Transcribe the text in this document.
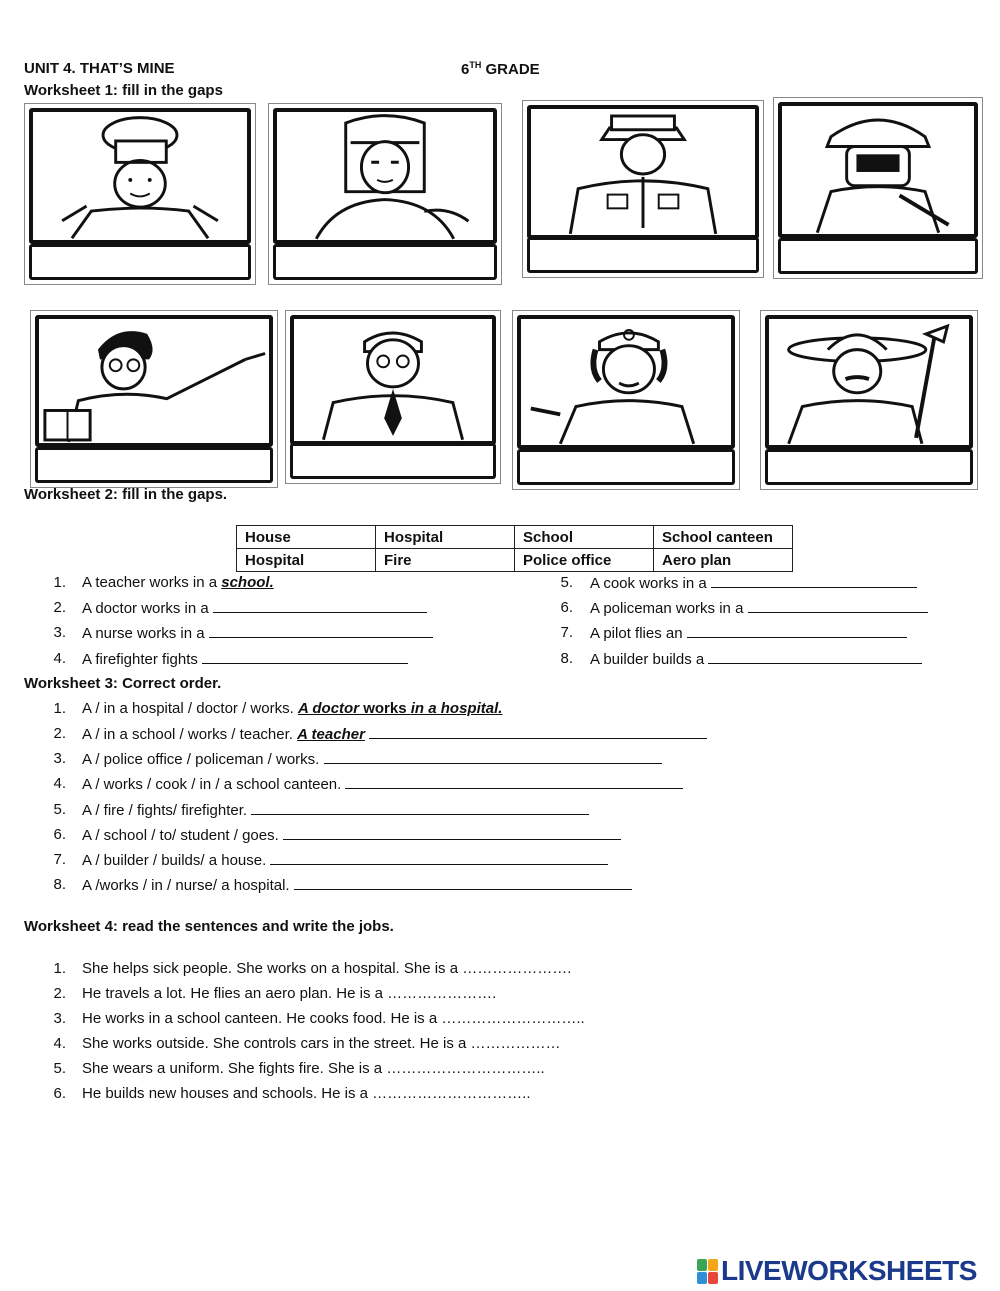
UNIT 4. THAT’S MINE	6TH GRADE
Worksheet 1: fill in the gaps
Worksheet 2: fill in the gaps.
House	Hospital	School	School canteen
Hospital	Fire	Police office	Aero plan
1. A teacher works in a school.
2. A doctor works in a
3. A nurse works in a
4. A firefighter fights
5. A cook works in a
6. A policeman works in a
7. A pilot flies an
8. A builder builds a
Worksheet 3: Correct order.
1. A / in a hospital / doctor / works. A doctor works in a hospital.
2. A / in a school / works / teacher. A teacher
3. A / police office / policeman / works.
4. A / works / cook / in / a school canteen.
5. A / fire / fights/ firefighter.
6. A / school / to/ student / goes.
7. A / builder / builds/ a house.
8. A /works / in / nurse/ a hospital.
Worksheet 4: read the sentences and write the jobs.
1. She helps sick people. She works on a hospital. She is a ………………….
2. He travels a lot. He flies an aero plan. He is a ………………….
3. He works in a school canteen. He cooks food. He is a ………………………..
4. She works outside. She controls cars in the street. He is a ………………
5. She wears a uniform. She fights fire. She is a …………………………..
6. He builds new houses and schools. He is a …………………………..
LIVEWORKSHEETS
